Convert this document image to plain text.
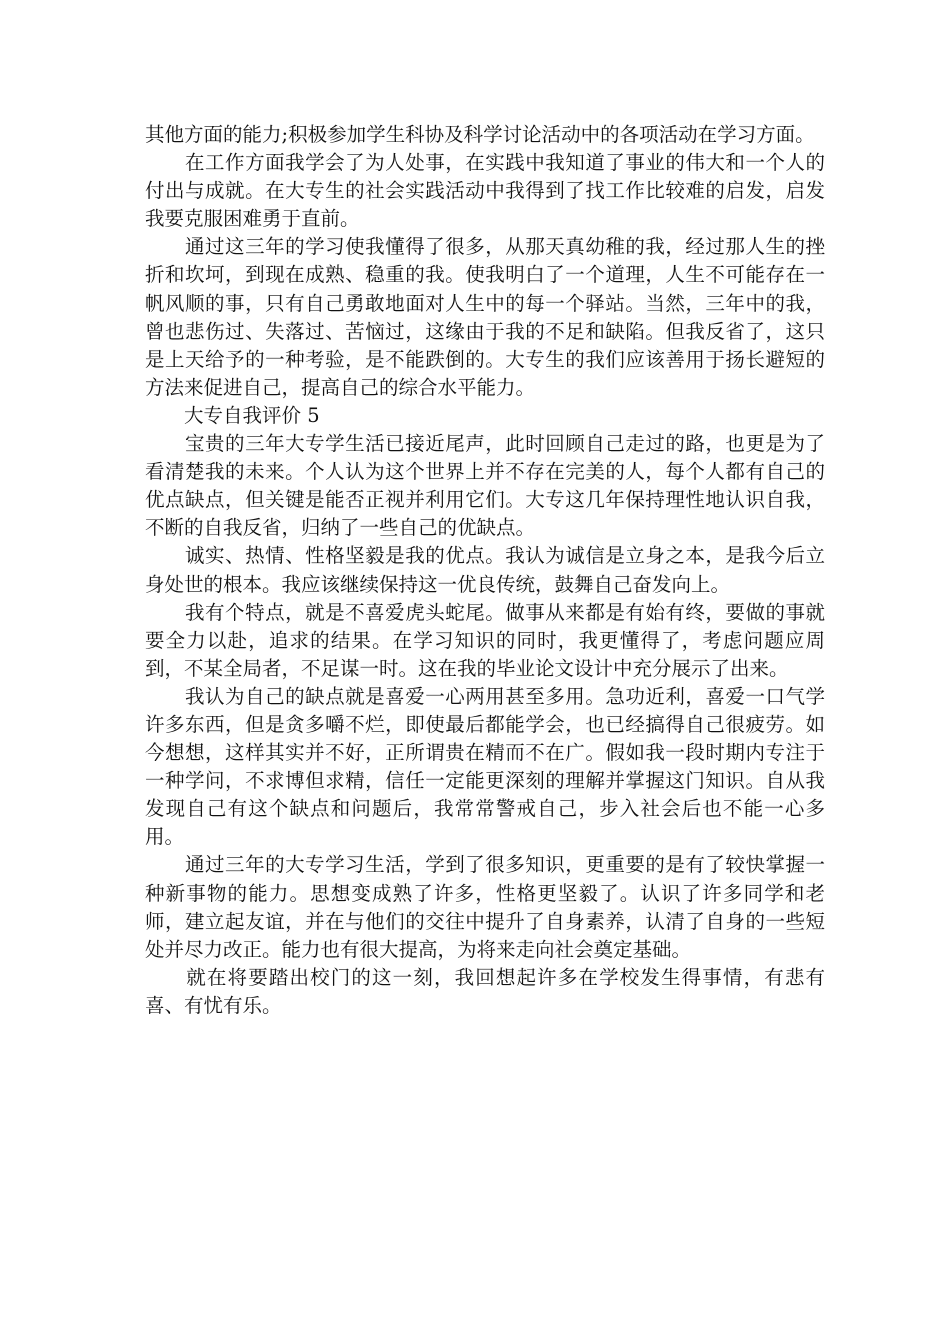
其他方面的能力;积极参加学生科协及科学讨论活动中的各项活动在学习方面。

　　在工作方面我学会了为人处事，在实践中我知道了事业的伟大和一个人的付出与成就。在大专生的社会实践活动中我得到了找工作比较难的启发，启发我要克服困难勇于直前。

　　通过这三年的学习使我懂得了很多，从那天真幼稚的我，经过那人生的挫折和坎坷，到现在成熟、稳重的我。使我明白了一个道理，人生不可能存在一帆风顺的事，只有自己勇敢地面对人生中的每一个驿站。当然，三年中的我，曾也悲伤过、失落过、苦恼过，这缘由于我的不足和缺陷。但我反省了，这只是上天给予的一种考验，是不能跌倒的。大专生的我们应该善用于扬长避短的方法来促进自己，提高自己的综合水平能力。

　　大专自我评价 5

　　宝贵的三年大专学生活已接近尾声，此时回顾自己走过的路，也更是为了看清楚我的未来。个人认为这个世界上并不存在完美的人，每个人都有自己的优点缺点，但关键是能否正视并利用它们。大专这几年保持理性地认识自我，不断的自我反省，归纳了一些自己的优缺点。

　　诚实、热情、性格坚毅是我的优点。我认为诚信是立身之本，是我今后立身处世的根本。我应该继续保持这一优良传统，鼓舞自己奋发向上。

　　我有个特点，就是不喜爱虎头蛇尾。做事从来都是有始有终，要做的事就要全力以赴，追求的结果。在学习知识的同时，我更懂得了，考虑问题应周到，不某全局者，不足谋一时。这在我的毕业论文设计中充分展示了出来。

　　我认为自己的缺点就是喜爱一心两用甚至多用。急功近利，喜爱一口气学许多东西，但是贪多嚼不烂，即使最后都能学会，也已经搞得自己很疲劳。如今想想，这样其实并不好，正所谓贵在精而不在广。假如我一段时期内专注于一种学问，不求博但求精，信任一定能更深刻的理解并掌握这门知识。自从我发现自己有这个缺点和问题后，我常常警戒自己，步入社会后也不能一心多用。

　　通过三年的大专学习生活，学到了很多知识，更重要的是有了较快掌握一种新事物的能力。思想变成熟了许多，性格更坚毅了。认识了许多同学和老师，建立起友谊，并在与他们的交往中提升了自身素养，认清了自身的一些短处并尽力改正。能力也有很大提高，为将来走向社会奠定基础。

　　就在将要踏出校门的这一刻，我回想起许多在学校发生得事情，有悲有喜、有忧有乐。
